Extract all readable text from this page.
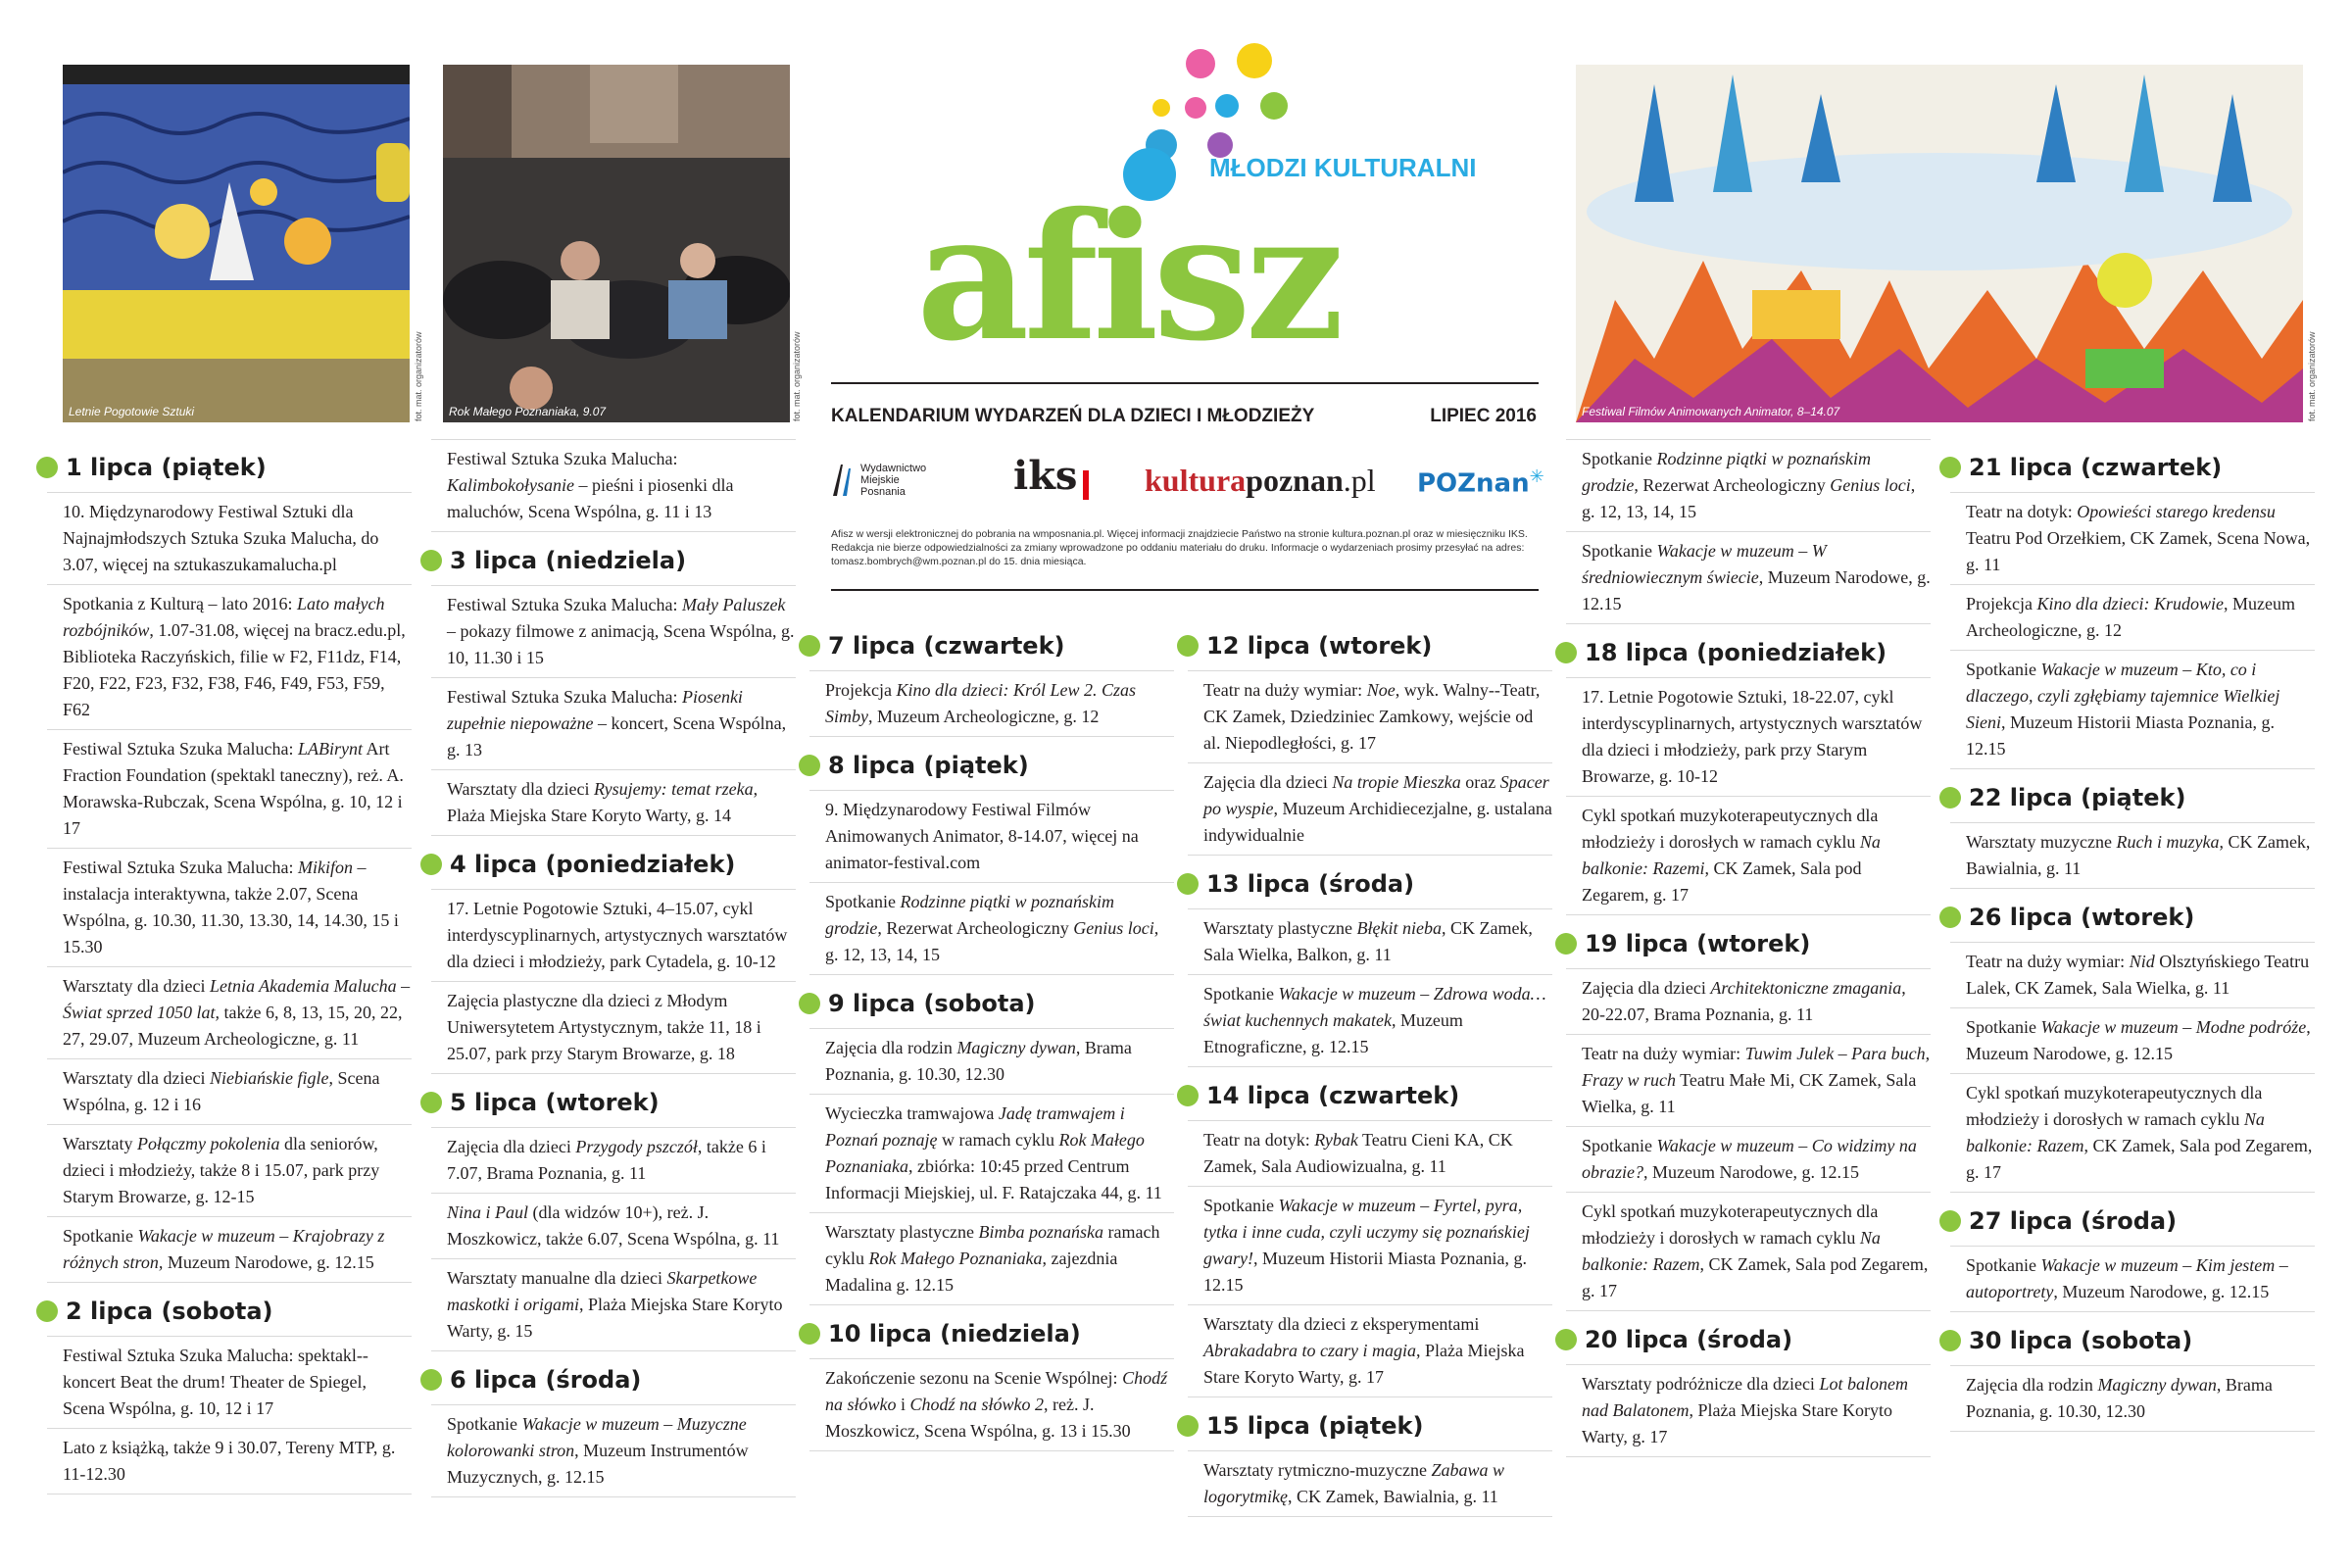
Letnie Pogotowie Sztuki	fot. mat. organizatorów Rok Małego Poznaniaka, 9.07	fot. mat. organizatorów	Festiwal Filmów Animowanych Animator, 8–14.07	fot. mat. organizatorów
MŁODZI KULTURALNI
afisz
KALENDARIUM WYDARZEŃ DLA DZIECI I MŁODZIEŻY	LIPIEC 2016
Wydawnictwo Miejskie Posnania	iks	kulturapoznan.pl POZnan✳
Afisz w wersji elektronicznej do pobrania na wmposnania.pl. Więcej informacji znajdziecie Państwo na stronie kultura.poznan.pl oraz w miesięczniku IKS. Redakcja nie bierze odpowiedzialności za zmiany wprowadzone po oddaniu materiału do druku. Informacje o wydarzeniach prosimy przesyłać na adres: tomasz.bombrych@wm.poznan.pl do 15. dnia miesiąca.
1 lipca (piątek)
10. Międzynarodowy Festiwal Sztuki dla Najnajmłodszych Sztuka Szuka Malucha, do 3.07, więcej na sztukaszukamalucha.pl
Spotkania z Kulturą – lato 2016: Lato małych rozbójników, 1.07-31.08, więcej na bracz.edu.pl, Biblioteka Raczyńskich, filie w F2, F11dz, F14, F20, F22, F23, F32, F38, F46, F49, F53, F59, F62
Festiwal Sztuka Szuka Malucha: LABirynt Art Fraction Foundation (spektakl taneczny), reż. A. Morawska-Rubczak, Scena Wspólna, g. 10, 12 i 17
Festiwal Sztuka Szuka Malucha: Mikifon – instalacja interaktywna, także 2.07, Scena Wspólna, g. 10.30, 11.30, 13.30, 14, 14.30, 15 i 15.30
Warsztaty dla dzieci Letnia Akademia Malucha – Świat sprzed 1050 lat, także 6, 8, 13, 15, 20, 22, 27, 29.07, Muzeum Archeologiczne, g. 11
Warsztaty dla dzieci Niebiańskie figle, Scena Wspólna, g. 12 i 16
Warsztaty Połączmy pokolenia dla seniorów, dzieci i młodzieży, także 8 i 15.07, park przy Starym Browarze, g. 12-15
Spotkanie Wakacje w muzeum – Krajobrazy z różnych stron, Muzeum Narodowe, g. 12.15
2 lipca (sobota)
Festiwal Sztuka Szuka Malucha: spektakl--koncert Beat the drum! Theater de Spiegel, Scena Wspólna, g. 10, 12 i 17
Lato z książką, także 9 i 30.07, Tereny MTP, g. 11-12.30
Festiwal Sztuka Szuka Malucha: Kalimbokołysanie – pieśni i piosenki dla maluchów, Scena Wspólna, g. 11 i 13
3 lipca (niedziela)
Festiwal Sztuka Szuka Malucha: Mały Paluszek – pokazy filmowe z animacją, Scena Wspólna, g. 10, 11.30 i 15
Festiwal Sztuka Szuka Malucha: Piosenki zupełnie niepoważne – koncert, Scena Wspólna, g. 13
Warsztaty dla dzieci Rysujemy: temat rzeka, Plaża Miejska Stare Koryto Warty, g. 14
4 lipca (poniedziałek)
17. Letnie Pogotowie Sztuki, 4–15.07, cykl interdyscyplinarnych, artystycznych warsztatów dla dzieci i młodzieży, park Cytadela, g. 10-12
Zajęcia plastyczne dla dzieci z Młodym Uniwersytetem Artystycznym, także 11, 18 i 25.07, park przy Starym Browarze, g. 18
5 lipca (wtorek)
Zajęcia dla dzieci Przygody pszczół, także 6 i 7.07, Brama Poznania, g. 11
Nina i Paul (dla widzów 10+), reż. J. Moszkowicz, także 6.07, Scena Wspólna, g. 11
Warsztaty manualne dla dzieci Skarpetkowe maskotki i origami, Plaża Miejska Stare Koryto Warty, g. 15
6 lipca (środa)
Spotkanie Wakacje w muzeum – Muzyczne kolorowanki stron, Muzeum Instrumentów Muzycznych, g. 12.15
7 lipca (czwartek)
Projekcja Kino dla dzieci: Król Lew 2. Czas Simby, Muzeum Archeologiczne, g. 12
8 lipca (piątek)
9. Międzynarodowy Festiwal Filmów Animowanych Animator, 8-14.07, więcej na animator-festival.com
Spotkanie Rodzinne piątki w poznańskim grodzie, Rezerwat Archeologiczny Genius loci, g. 12, 13, 14, 15
9 lipca (sobota)
Zajęcia dla rodzin Magiczny dywan, Brama Poznania, g. 10.30, 12.30
Wycieczka tramwajowa Jadę tramwajem i Poznań poznaję w ramach cyklu Rok Małego Poznaniaka, zbiórka: 10:45 przed Centrum Informacji Miejskiej, ul. F. Ratajczaka 44, g. 11
Warsztaty plastyczne Bimba poznańska ramach cyklu Rok Małego Poznaniaka, zajezdnia Madalina g. 12.15
10 lipca (niedziela)
Zakończenie sezonu na Scenie Wspólnej: Chodź na słówko i Chodź na słówko 2, reż. J. Moszkowicz, Scena Wspólna, g. 13 i 15.30
12 lipca (wtorek)
Teatr na duży wymiar: Noe, wyk. Walny--Teatr, CK Zamek, Dziedziniec Zamkowy, wejście od al. Niepodległości, g. 17
Zajęcia dla dzieci Na tropie Mieszka oraz Spacer po wyspie, Muzeum Archidiecezjalne, g. ustalana indywidualnie
13 lipca (środa)
Warsztaty plastyczne Błękit nieba, CK Zamek, Sala Wielka, Balkon, g. 11
Spotkanie Wakacje w muzeum – Zdrowa woda… świat kuchennych makatek, Muzeum Etnograficzne, g. 12.15
14 lipca (czwartek)
Teatr na dotyk: Rybak Teatru Cieni KA, CK Zamek, Sala Audiowizualna, g. 11
Spotkanie Wakacje w muzeum – Fyrtel, pyra, tytka i inne cuda, czyli uczymy się poznańskiej gwary!, Muzeum Historii Miasta Poznania, g. 12.15
Warsztaty dla dzieci z eksperymentami Abrakadabra to czary i magia, Plaża Miejska Stare Koryto Warty, g. 17
15 lipca (piątek)
Warsztaty rytmiczno-muzyczne Zabawa w logorytmikę, CK Zamek, Bawialnia, g. 11
Spotkanie Rodzinne piątki w poznańskim grodzie, Rezerwat Archeologiczny Genius loci, g. 12, 13, 14, 15
Spotkanie Wakacje w muzeum – W średniowiecznym świecie, Muzeum Narodowe, g. 12.15
18 lipca (poniedziałek)
17. Letnie Pogotowie Sztuki, 18-22.07, cykl interdyscyplinarnych, artystycznych warsztatów dla dzieci i młodzieży, park przy Starym Browarze, g. 10-12
Cykl spotkań muzykoterapeutycznych dla młodzieży i dorosłych w ramach cyklu Na balkonie: Razemi, CK Zamek, Sala pod Zegarem, g. 17
19 lipca (wtorek)
Zajęcia dla dzieci Architektoniczne zmagania, 20-22.07, Brama Poznania, g. 11
Teatr na duży wymiar: Tuwim Julek – Para buch, Frazy w ruch Teatru Małe Mi, CK Zamek, Sala Wielka, g. 11
Spotkanie Wakacje w muzeum – Co widzimy na obrazie?, Muzeum Narodowe, g. 12.15
Cykl spotkań muzykoterapeutycznych dla młodzieży i dorosłych w ramach cyklu Na balkonie: Razem, CK Zamek, Sala pod Zegarem, g. 17
20 lipca (środa)
Warsztaty podróżnicze dla dzieci Lot balonem nad Balatonem, Plaża Miejska Stare Koryto Warty, g. 17
21 lipca (czwartek)
Teatr na dotyk: Opowieści starego kredensu Teatru Pod Orzełkiem, CK Zamek, Scena Nowa, g. 11
Projekcja Kino dla dzieci: Krudowie, Muzeum Archeologiczne, g. 12
Spotkanie Wakacje w muzeum – Kto, co i dlaczego, czyli zgłębiamy tajemnice Wielkiej Sieni, Muzeum Historii Miasta Poznania, g. 12.15
22 lipca (piątek)
Warsztaty muzyczne Ruch i muzyka, CK Zamek, Bawialnia, g. 11
26 lipca (wtorek)
Teatr na duży wymiar: Nid Olsztyńskiego Teatru Lalek, CK Zamek, Sala Wielka, g. 11
Spotkanie Wakacje w muzeum – Modne podróże, Muzeum Narodowe, g. 12.15
Cykl spotkań muzykoterapeutycznych dla młodzieży i dorosłych w ramach cyklu Na balkonie: Razem, CK Zamek, Sala pod Zegarem, g. 17
27 lipca (środa)
Spotkanie Wakacje w muzeum – Kim jestem – autoportrety, Muzeum Narodowe, g. 12.15
30 lipca (sobota)
Zajęcia dla rodzin Magiczny dywan, Brama Poznania, g. 10.30, 12.30
